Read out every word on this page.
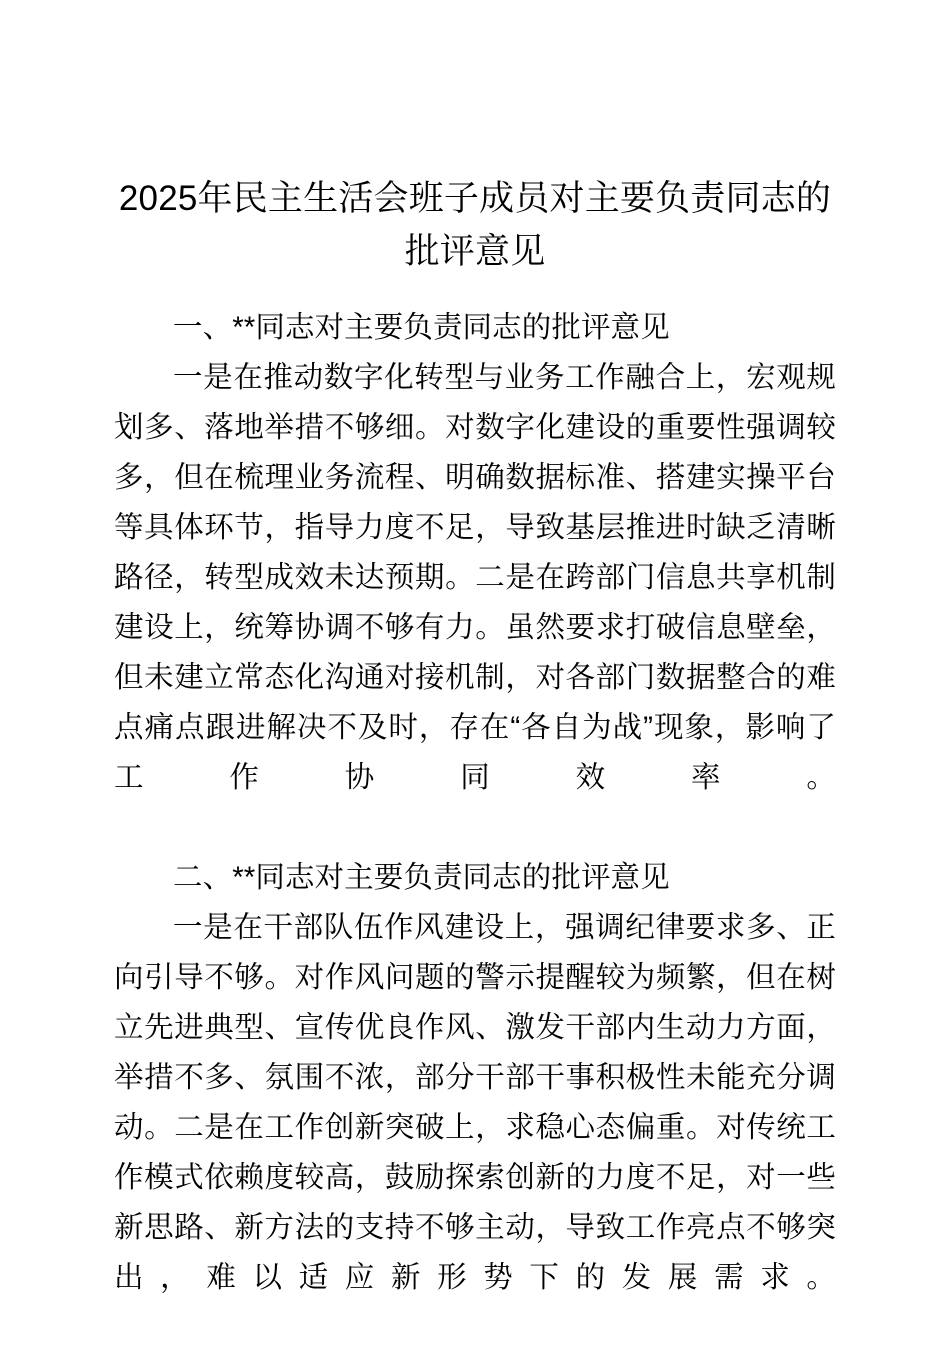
2025年民主生活会班子成员对主要负责同志的批评意见
一、**同志对主要负责同志的批评意见

一是在推动数字化转型与业务工作融合上，宏观规划多、落地举措不够细。对数字化建设的重要性强调较多，但在梳理业务流程、明确数据标准、搭建实操平台等具体环节，指导力度不足，导致基层推进时缺乏清晰路径，转型成效未达预期。二是在跨部门信息共享机制建设上，统筹协调不够有力。虽然要求打破信息壁垒，但未建立常态化沟通对接机制，对各部门数据整合的难点痛点跟进解决不及时，存在“各自为战”现象，影响了工作协同效率。

二、**同志对主要负责同志的批评意见

一是在干部队伍作风建设上，强调纪律要求多、正向引导不够。对作风问题的警示提醒较为频繁，但在树立先进典型、宣传优良作风、激发干部内生动力方面，举措不多、氛围不浓，部分干部干事积极性未能充分调动。二是在工作创新突破上，求稳心态偏重。对传统工作模式依赖度较高，鼓励探索创新的力度不足，对一些新思路、新方法的支持不够主动，导致工作亮点不够突出，难以适应新形势下的发展需求。
